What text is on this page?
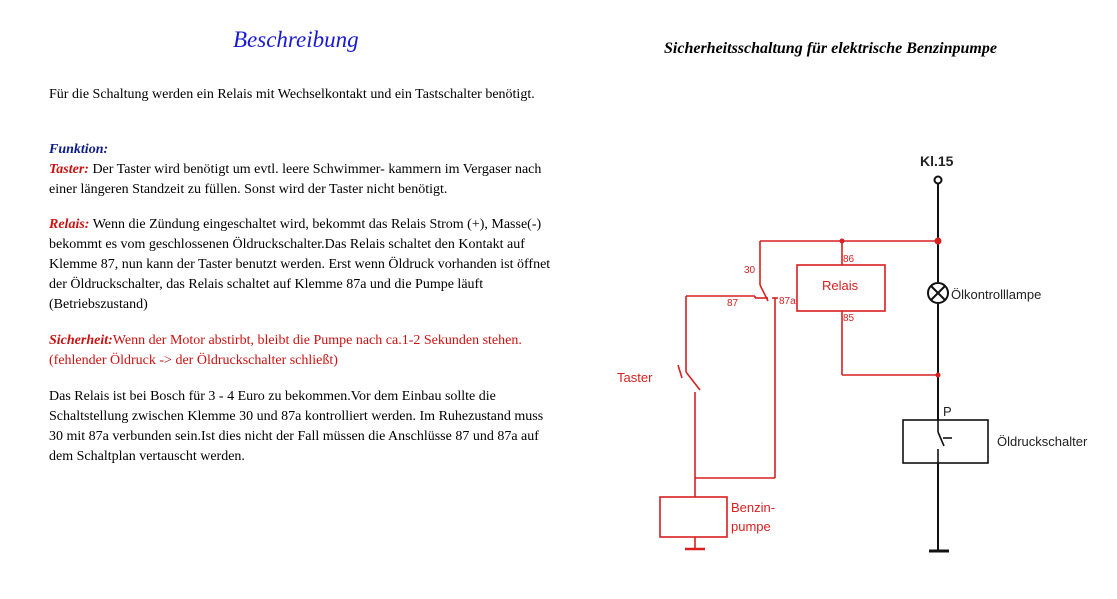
Beschreibung
Für die Schaltung werden ein Relais mit Wechselkontakt und ein Tastschalter benötigt.
Funktion:
Taster: Der Taster wird benötigt um evtl. leere Schwimmer- kammern im Vergaser nach einer längeren Standzeit zu füllen. Sonst wird der Taster nicht benötigt.
Relais: Wenn die Zündung eingeschaltet wird, bekommt das Relais Strom (+), Masse(-) bekommt es vom geschlossenen Öldruckschalter.Das Relais schaltet den Kontakt auf Klemme 87, nun kann der Taster benutzt werden. Erst wenn Öldruck vorhanden ist öffnet der Öldruckschalter, das Relais schaltet auf Klemme 87a und die Pumpe läuft (Betriebszustand)
Sicherheit:Wenn der Motor abstirbt, bleibt die Pumpe nach ca.1-2 Sekunden stehen.(fehlender Öldruck -> der Öldruckschalter schließt)
Das Relais ist bei Bosch für 3 - 4 Euro zu bekommen.Vor dem Einbau sollte die Schaltstellung zwischen Klemme 30 und 87a kontrolliert werden. Im Ruhezustand muss 30 mit 87a verbunden sein.Ist dies nicht der Fall müssen die Anschlüsse 87 und 87a auf dem Schaltplan vertauscht werden.
Sicherheitsschaltung für elektrische Benzinpumpe
Kl.15
Relais
86
85
30
87	87a	Ölkontrolllampe
P
Öldruckschalter
Taster
Benzin-
pumpe
